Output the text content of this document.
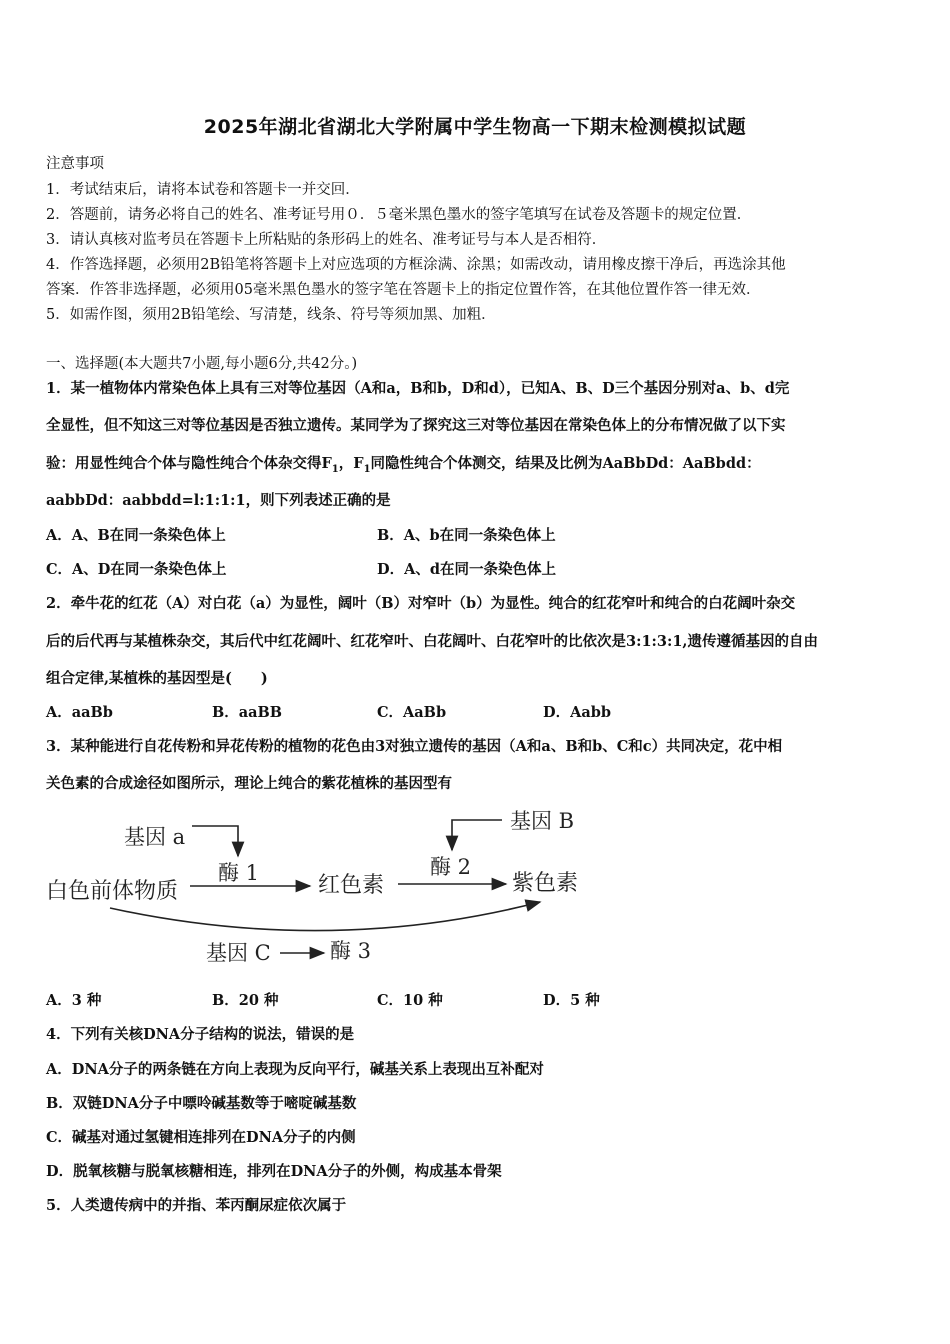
2025年湖北省湖北大学附属中学生物高一下期末检测模拟试题
注意事项
1．考试结束后，请将本试卷和答题卡一并交回．
2．答题前，请务必将自己的姓名、准考证号用０．５毫米黑色墨水的签字笔填写在试卷及答题卡的规定位置．
3．请认真核对监考员在答题卡上所粘贴的条形码上的姓名、准考证号与本人是否相符．
4．作答选择题，必须用2B铅笔将答题卡上对应选项的方框涂满、涂黑；如需改动，请用橡皮擦干净后，再选涂其他
答案．作答非选择题，必须用05毫米黑色墨水的签字笔在答题卡上的指定位置作答，在其他位置作答一律无效．
5．如需作图，须用2B铅笔绘、写清楚，线条、符号等须加黑、加粗．
一、选择题(本大题共7小题,每小题6分,共42分。)
1．某一植物体内常染色体上具有三对等位基因（A和a，B和b，D和d），已知A、B、D三个基因分别对a、b、d完
全显性，但不知这三对等位基因是否独立遗传。某同学为了探究这三对等位基因在常染色体上的分布情况做了以下实
验：用显性纯合个体与隐性纯合个体杂交得$F_1$，$F_1$同隐性纯合个体测交，结果及比例为AaBbDd：AaBbdd：
aabbDd：aabbdd=l:1:1:1，则下列表述正确的是
A．A、B在同一条染色体上	B．A、b在同一条染色体上
C．A、D在同一条染色体上	D．A、d在同一条染色体上
2．牵牛花的红花（A）对白花（a）为显性，阔叶（B）对窄叶（b）为显性。纯合的红花窄叶和纯合的白花阔叶杂交
后的后代再与某植株杂交，其后代中红花阔叶、红花窄叶、白花阔叶、白花窄叶的比依次是3:1:3:1,遗传遵循基因的自由
组合定律,某植株的基因型是(　　)
A．aaBb	B．aaBB	C．AaBb	D．Aabb
3．某种能进行自花传粉和异花传粉的植物的花色由3对独立遗传的基因（A和a、B和b、C和c）共同决定，花中相
关色素的合成途径如图所示，理论上纯合的紫花植株的基因型有
基因 a
酶 1
白色前体物质	红色素
基因 B
酶 2
紫色素
基因 C	酶 3
A．3 种	B．20 种	C．10 种	D．5 种
4．下列有关核DNA分子结构的说法，错误的是
A．DNA分子的两条链在方向上表现为反向平行，碱基关系上表现出互补配对
B．双链DNA分子中嘌呤碱基数等于嘧啶碱基数
C．碱基对通过氢键相连排列在DNA分子的内侧
D．脱氧核糖与脱氧核糖相连，排列在DNA分子的外侧，构成基本骨架
5．人类遗传病中的并指、苯丙酮尿症依次属于
